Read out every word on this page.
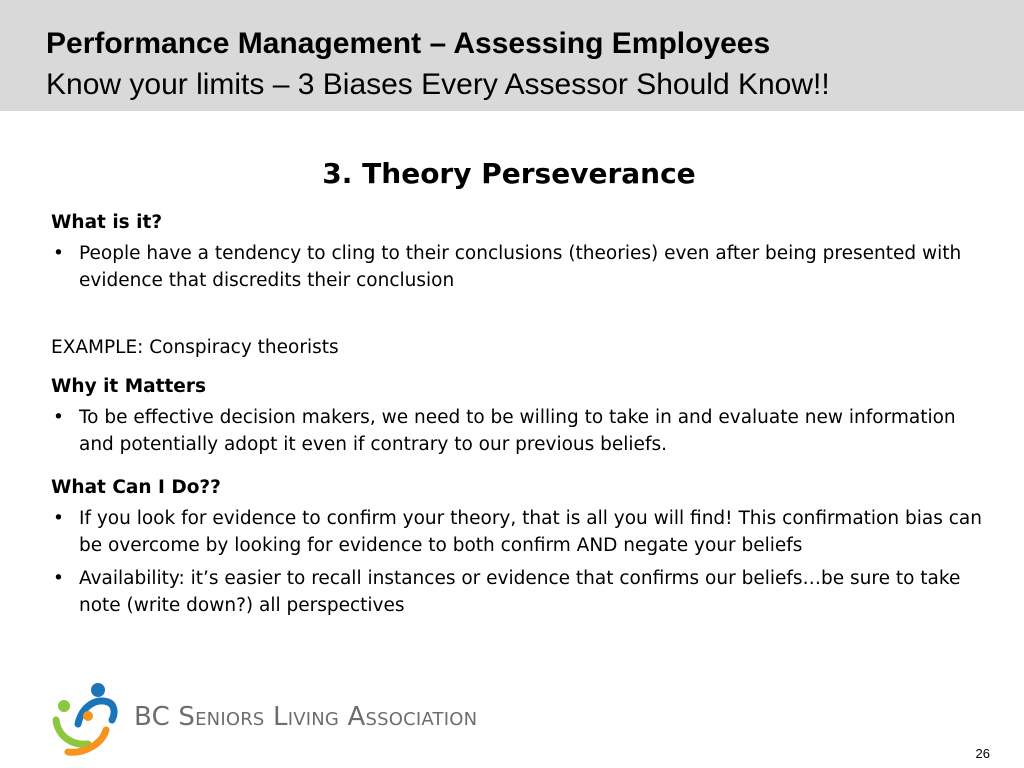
Performance Management – Assessing Employees
Know your limits – 3 Biases Every Assessor Should Know!!
3. Theory Perseverance

What is it?

• People have a tendency to cling to their conclusions (theories) even after being presented with evidence that discredits their conclusion

EXAMPLE: Conspiracy theorists

Why it Matters

• To be effective decision makers, we need to be willing to take in and evaluate new information and potentially adopt it even if contrary to our previous beliefs.

What Can I Do??

• If you look for evidence to confirm your theory, that is all you will find! This confirmation bias can be overcome by looking for evidence to both confirm AND negate your beliefs
• Availability: it’s easier to recall instances or evidence that confirms our beliefs…be sure to take note (write down?) all perspectives
BC Seniors Living Association
26
